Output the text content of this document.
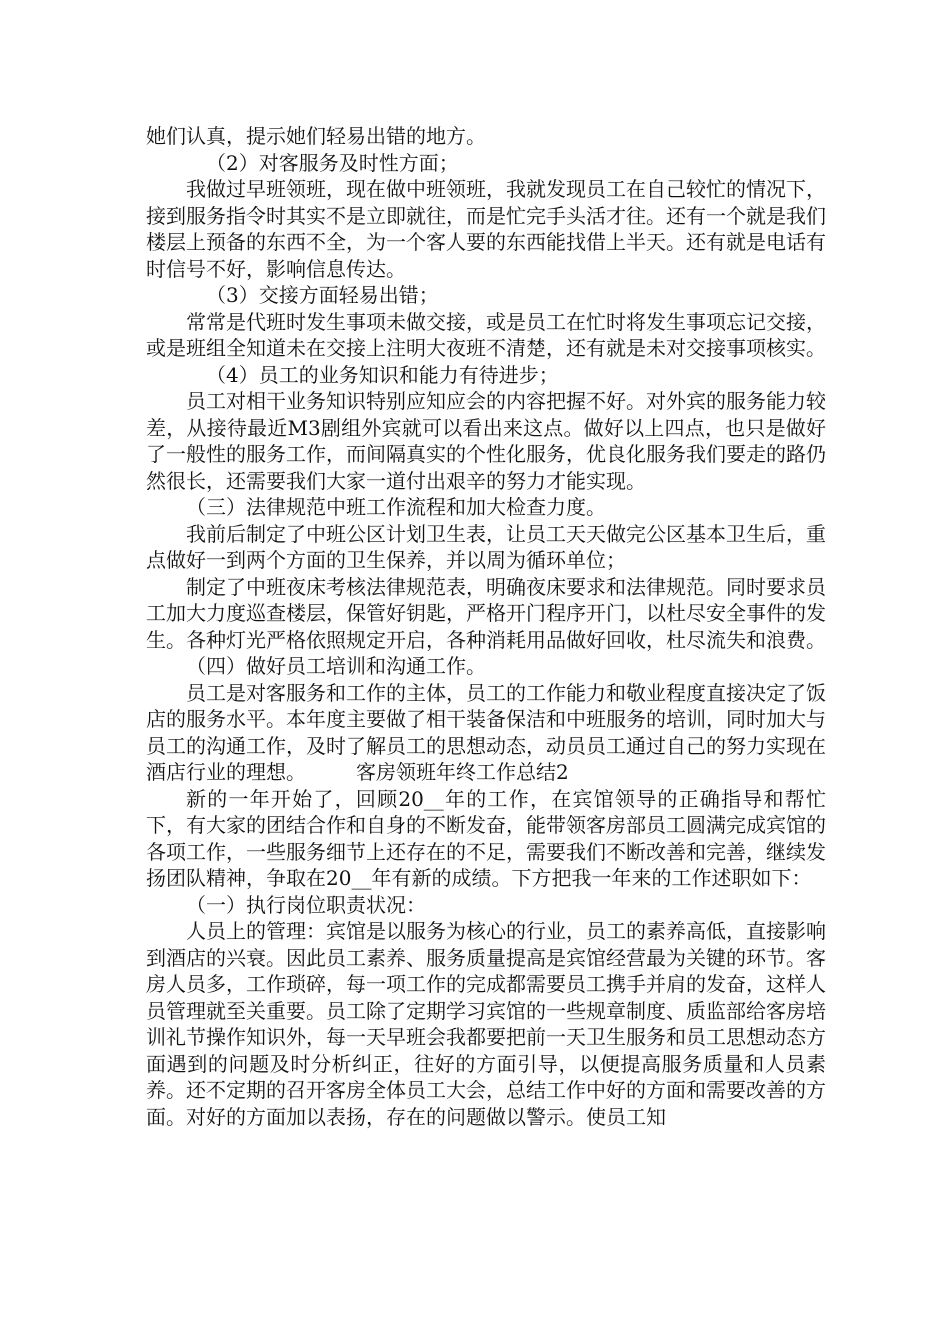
她们认真，提示她们轻易出错的地方。

（2）对客服务及时性方面；

我做过早班领班，现在做中班领班，我就发现员工在自己较忙的情况下，接到服务指令时其实不是立即就往，而是忙完手头活才往。还有一个就是我们楼层上预备的东西不全，为一个客人要的东西能找借上半天。还有就是电话有时信号不好，影响信息传达。

（3）交接方面轻易出错；

常常是代班时发生事项未做交接，或是员工在忙时将发生事项忘记交接，或是班组全知道未在交接上注明大夜班不清楚，还有就是未对交接事项核实。

（4）员工的业务知识和能力有待进步；

员工对相干业务知识特别应知应会的内容把握不好。对外宾的服务能力较差，从接待最近M3剧组外宾就可以看出来这点。做好以上四点，也只是做好了一般性的服务工作，而间隔真实的个性化服务，优良化服务我们要走的路仍然很长，还需要我们大家一道付出艰辛的努力才能实现。

（三）法律规范中班工作流程和加大检查力度。

我前后制定了中班公区计划卫生表，让员工天天做完公区基本卫生后，重点做好一到两个方面的卫生保养，并以周为循环单位；

制定了中班夜床考核法律规范表，明确夜床要求和法律规范。同时要求员工加大力度巡查楼层，保管好钥匙，严格开门程序开门，以杜尽安全事件的发生。各种灯光严格依照规定开启，各种消耗用品做好回收，杜尽流失和浪费。

（四）做好员工培训和沟通工作。

员工是对客服务和工作的主体，员工的工作能力和敬业程度直接决定了饭店的服务水平。本年度主要做了相干装备保洁和中班服务的培训，同时加大与员工的沟通工作，及时了解员工的思想动态，动员员工通过自己的努力实现在酒店行业的理想。　　　客房领班年终工作总结2

新的一年开始了，回顾20__年的工作，在宾馆领导的正确指导和帮忙下，有大家的团结合作和自身的不断发奋，能带领客房部员工圆满完成宾馆的各项工作，一些服务细节上还存在的不足，需要我们不断改善和完善，继续发扬团队精神，争取在20__年有新的成绩。下方把我一年来的工作述职如下：

（一）执行岗位职责状况：

人员上的管理：宾馆是以服务为核心的行业，员工的素养高低，直接影响到酒店的兴衰。因此员工素养、服务质量提高是宾馆经营最为关键的环节。客房人员多，工作琐碎，每一项工作的完成都需要员工携手并肩的发奋，这样人员管理就至关重要。员工除了定期学习宾馆的一些规章制度、质监部给客房培训礼节操作知识外，每一天早班会我都要把前一天卫生服务和员工思想动态方面遇到的问题及时分析纠正，往好的方面引导，以便提高服务质量和人员素养。还不定期的召开客房全体员工大会，总结工作中好的方面和需要改善的方面。对好的方面加以表扬，存在的问题做以警示。使员工知
